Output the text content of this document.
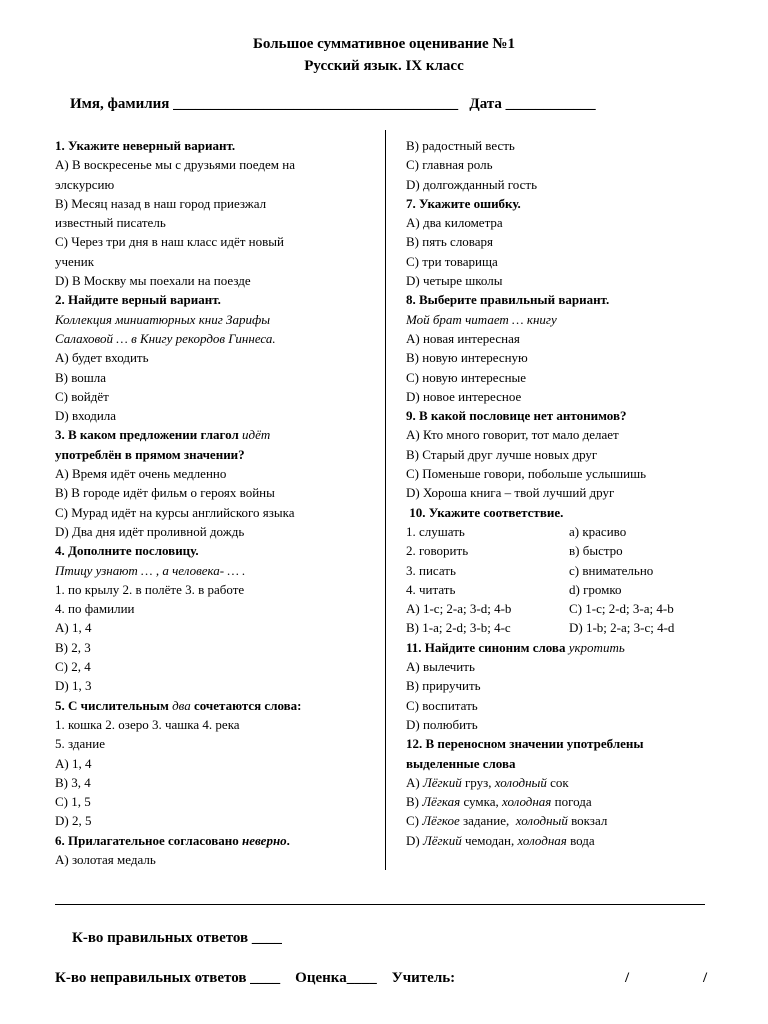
Большое суммативное оценивание №1
Русский язык. IX класс
Имя, фамилия ______________________________________ Дата ____________
1. Укажите неверный вариант.
A) В воскресенье мы с друзьями поедем на
элскурсию
B) Месяц назад в наш город приезжал
известный писатель
C) Через три дня в наш класс идёт новый
ученик
D) В Москву мы поехали на поезде
2. Найдите верный вариант.
Коллекция миниатюрных книг Зарифы
Салаховой … в Книгу рекордов Гиннеса.
A) будет входить
B) вошла
C) войдёт
D) входила
3. В каком предложении глагол идёт
употреблён в прямом значении?
A) Время идёт очень медленно
B) В городе идёт фильм о героях войны
C) Мурад идёт на курсы английского языка
D) Два дня идёт проливной дождь
4. Дополните пословицу.
Птицу узнают … , а человека- … .
1. по крылу 2. в полёте 3. в работе
4. по фамилии
A) 1, 4
B) 2, 3
C) 2, 4
D) 1, 3
5. С числительным два сочетаются слова:
1. кошка 2. озеро 3. чашка 4. река
5. здание
A) 1, 4
B) 3, 4
C) 1, 5
D) 2, 5
6. Прилагательное согласовано неверно.
A) золотая медаль
B) радостный весть
C) главная роль
D) долгожданный гость
7. Укажите ошибку.
A) два километра
B) пять словаря
C) три товарища
D) четыре школы
8. Выберите правильный вариант.
Мой брат читает … книгу
A) новая интересная
B) новую интересную
C) новую интересные
D) новое интересное
9. В какой пословице нет антонимов?
A) Кто много говорит, тот мало делает
B) Старый друг лучше новых друг
C) Поменьше говори, побольше услышишь
D) Хороша книга – твой лучший друг
10. Укажите соответствие.
1. слушать	a) красиво
2. говорить	в) быстро
3. писать	c) внимательно
4. читать	d) громко
A) 1-c; 2-a; 3-d; 4-b	C) 1-c; 2-d; 3-a; 4-b
B) 1-a; 2-d; 3-b; 4-c	D) 1-b; 2-a; 3-c; 4-d
11. Найдите синоним слова укротить
A) вылечить
B) приручить
C) воспитать
D) полюбить
12. В переносном значении употреблены
выделенные слова
A) Лёгкий груз, холодный сок
B) Лёгкая сумка, холодная погода
C) Лёгкое задание,  холодный вокзал
D) Лёгкий чемодан, холодная вода
К-во правильных ответов ____
К-во неправильных ответов ____    Оценка____    Учитель:	/	/
